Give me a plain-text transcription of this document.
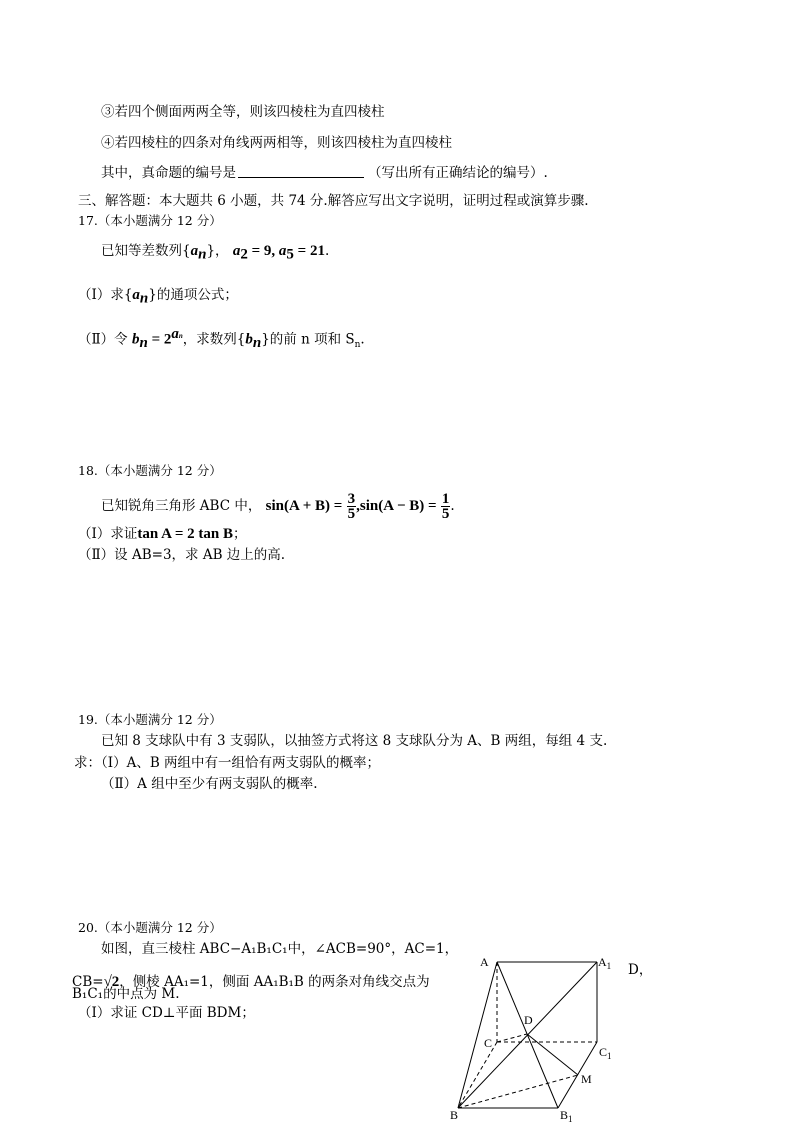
③若四个侧面两两全等，则该四棱柱为直四棱柱
④若四棱柱的四条对角线两两相等，则该四棱柱为直四棱柱
其中，真命题的编号是	（写出所有正确结论的编号）.
三、解答题：本大题共 6 小题，共 74 分.解答应写出文字说明，证明过程或演算步骤.
17.（本小题满分 12 分）
已知等差数列$\{a_n\}$， $a_2 = 9$, $a_5 = 21$.
（Ⅰ）求$\{a_n\}$的通项公式；
（Ⅱ）令 $b_n = 2^{an}$，求数列$\{b_n\}$的前 n 项和 $S_n$.
18.（本小题满分 12 分）
已知锐角三角形 ABC 中， $\sin(A + B) = \frac{3}{5} ,\sin(A - B) = \frac{1}{5}$ .
（Ⅰ）求证tan A = 2 tan B；
（Ⅱ）设 AB=3，求 AB 边上的高.
19.（本小题满分 12 分）
已知 8 支球队中有 3 支弱队，以抽签方式将这 8 支球队分为 A、B 两组，每组 4 支.
求：（Ⅰ）A、B 两组中有一组恰有两支弱队的概率；
（Ⅱ）A 组中至少有两支弱队的概率.
20.（本小题满分 12 分）
如图，直三棱柱 ABC−A₁B₁C₁中，∠ACB=90°，AC=1，
CB=√2，侧棱 AA₁=1，侧面 AA₁B₁B 的两条对角线交点为
D，
B₁C₁的中点为 M.
（Ⅰ）求证 CD⊥平面 BDM；
A	$A_1$
C
$C_1$
D
M
B	$B_1$
